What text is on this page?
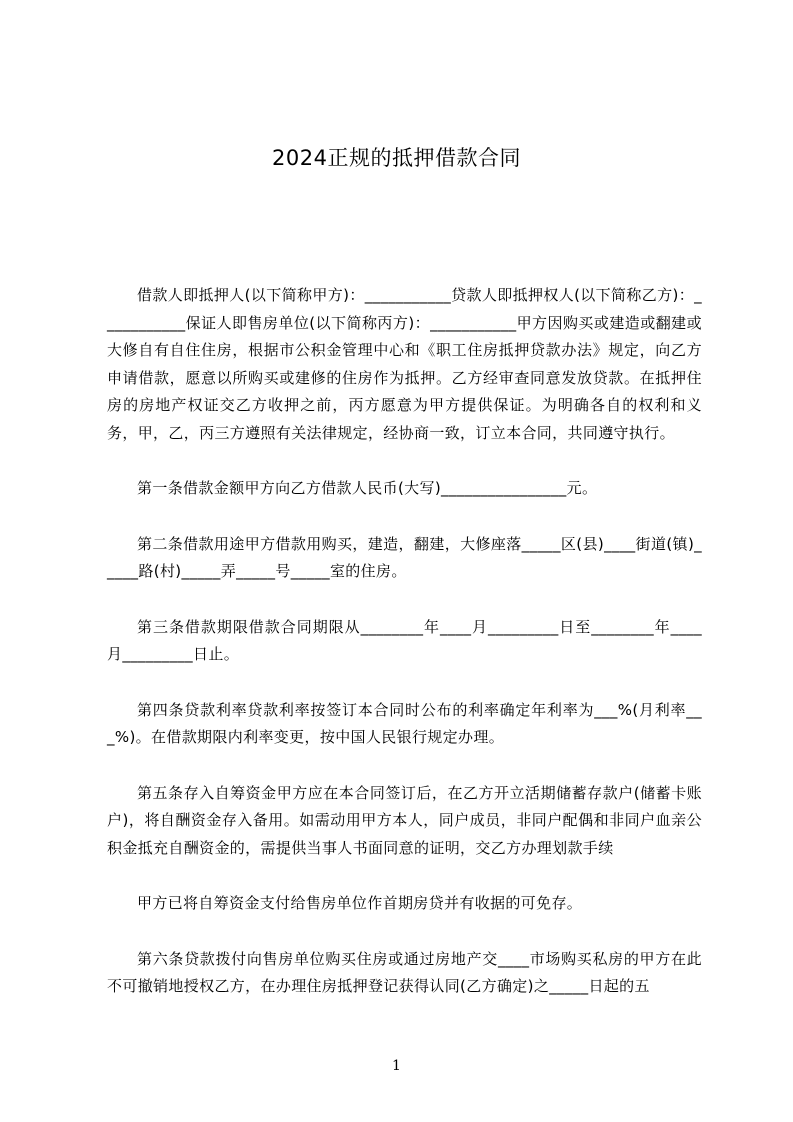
2024正规的抵押借款合同

借款人即抵押人(以下简称甲方)：___________贷款人即抵押权人(以下简称乙方)：___________保证人即售房单位(以下简称丙方)：___________甲方因购买或建造或翻建或大修自有自住住房，根据市公积金管理中心和《职工住房抵押贷款办法》规定，向乙方申请借款，愿意以所购买或建修的住房作为抵押。乙方经审查同意发放贷款。在抵押住房的房地产权证交乙方收押之前，丙方愿意为甲方提供保证。为明确各自的权利和义务，甲，乙，丙三方遵照有关法律规定，经协商一致，订立本合同，共同遵守执行。

第一条借款金额甲方向乙方借款人民币(大写)________________元。

第二条借款用途甲方借款用购买，建造，翻建，大修座落_____区(县)____街道(镇)_____路(村)_____弄_____号_____室的住房。

第三条借款期限借款合同期限从________年____月_________日至________年____月_________日止。

第四条贷款利率贷款利率按签订本合同时公布的利率确定年利率为___%(月利率___%)。在借款期限内利率变更，按中国人民银行规定办理。

第五条存入自筹资金甲方应在本合同签订后，在乙方开立活期储蓄存款户(储蓄卡账户)，将自酬资金存入备用。如需动用甲方本人，同户成员，非同户配偶和非同户血亲公积金抵充自酬资金的，需提供当事人书面同意的证明，交乙方办理划款手续

甲方已将自筹资金支付给售房单位作首期房贷并有收据的可免存。

第六条贷款拨付向售房单位购买住房或通过房地产交____市场购买私房的甲方在此不可撤销地授权乙方，在办理住房抵押登记获得认同(乙方确定)之_____日起的五

1
